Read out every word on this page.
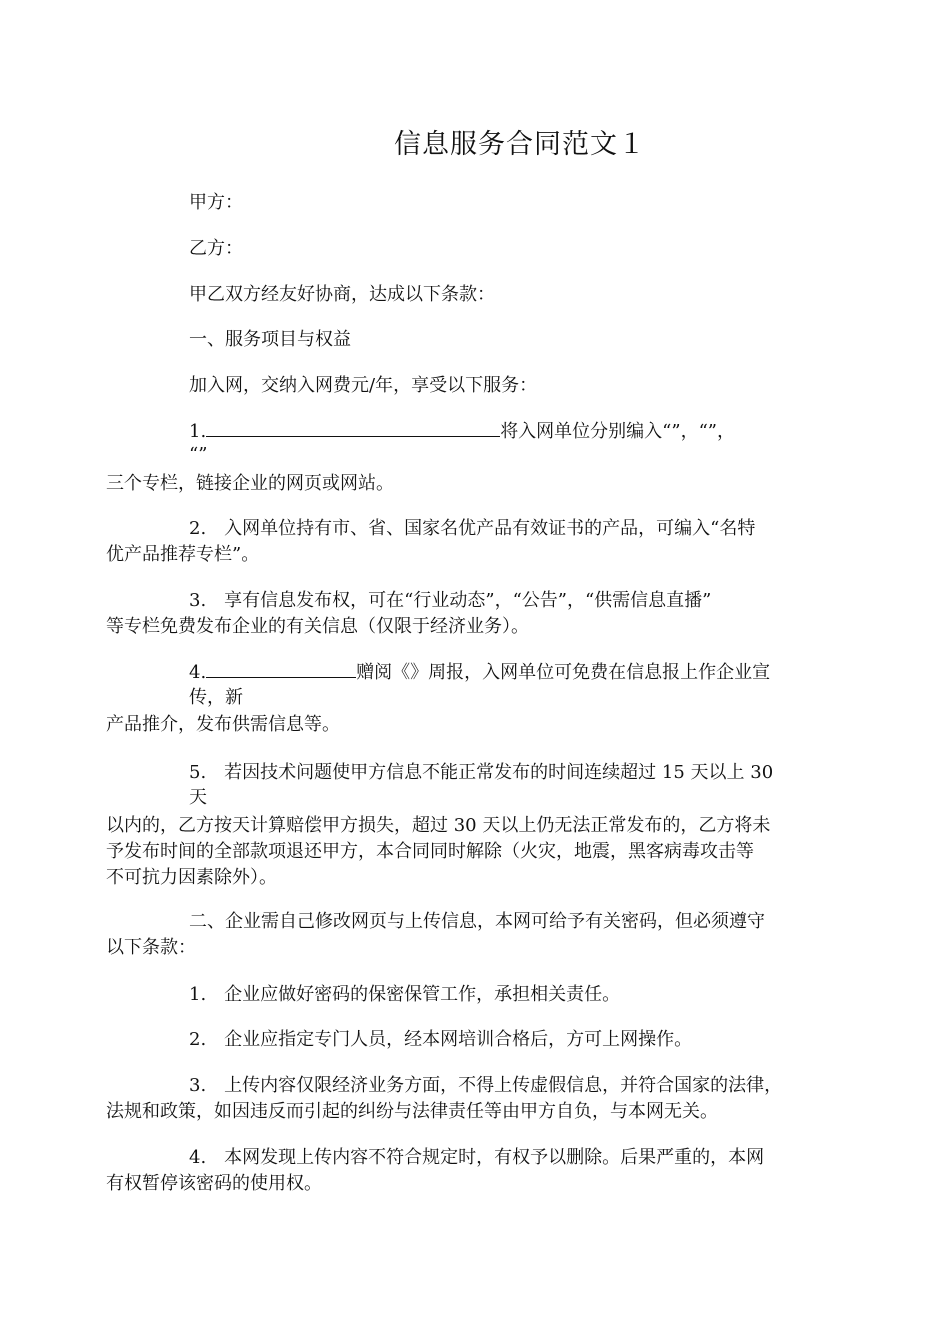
信息服务合同范文１
甲方：
乙方：
甲乙双方经友好协商，达成以下条款：
一、服务项目与权益
加入网，交纳入网费元/年，享受以下服务：
1.	将入网单位分别编入“”，“”，
“”
三个专栏，链接企业的网页或网站。
2.　入网单位持有市、省、国家名优产品有效证书的产品，可编入“名特
优产品推荐专栏”。
3.　享有信息发布权，可在“行业动态”，“公告”，“供需信息直播”
等专栏免费发布企业的有关信息（仅限于经济业务）。
4.	赠阅《》周报，入网单位可免费在信息报上作企业宣
传，新
产品推介，发布供需信息等。
5.　若因技术问题使甲方信息不能正常发布的时间连续超过 15 天以上 30
天
以内的，乙方按天计算赔偿甲方损失，超过 30 天以上仍无法正常发布的，乙方将未
予发布时间的全部款项退还甲方，本合同同时解除（火灾，地震，黑客病毒攻击等
不可抗力因素除外）。
二、企业需自己修改网页与上传信息，本网可给予有关密码，但必须遵守
以下条款：
1.　企业应做好密码的保密保管工作，承担相关责任。
2.　企业应指定专门人员，经本网培训合格后，方可上网操作。
3.　上传内容仅限经济业务方面，不得上传虚假信息，并符合国家的法律，
法规和政策，如因违反而引起的纠纷与法律责任等由甲方自负，与本网无关。
4.　本网发现上传内容不符合规定时，有权予以删除。后果严重的，本网
有权暂停该密码的使用权。
